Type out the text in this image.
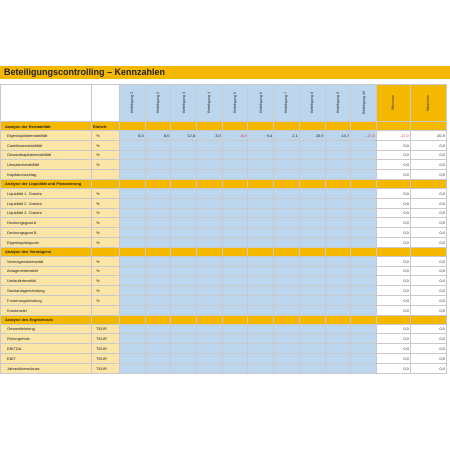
Beteiligungscontrolling – Kennzahlen
		Beteiligung 1	Beteiligung 2	Beteiligung 3	Beteiligung 4	Beteiligung 5	Beteiligung 6	Beteiligung 7	Beteiligung 8	Beteiligung 9	Beteiligung 10	Minimum	Maximum	
Analyse der Rentabilität	Einheit													
Eigenkapitalrentabilität	%	5,0	8,0	12,8	3,0	-5,0	9,4	2,1	20,9	14,7	-17,0	-17,0	20,9	
Cashflowrentabilität	%											0,0	0,0	
Gesamtkapitalrentabilität	%											0,0	0,0	
Umsatzrentabilität	%											0,0	0,0	
Kapitalumschlag												0,0	0,0	
Analyse der Liquidität und Finanzierung														
Liquidität 1. Grades	%											0,0	0,0	
Liquidität 2. Grades	%											0,0	0,0	
Liquidität 3. Grades	%											0,0	0,0	
Deckungsgrad A	%											0,0	0,0	
Deckungsgrad B	%											0,0	0,0	
Eigenkapitalquote	%											0,0	0,0	
Analyse des Vermögens														
Vermögensintensität	%											0,0	0,0	
Anlagenintensität	%											0,0	0,0	
Umlaufintensität	%											0,0	0,0	
Sachanlagenbindung	%											0,0	0,0	
Forderungsbindung	%											0,0	0,0	
Kundenziel												0,0	0,0	
Analyse des Ergebnisses														
Gesamtleistung	TEUR											0,0	0,0	
Rohergebnis	TEUR											0,0	0,0	
EBITDA	TEUR											0,0	0,0	
EBIT	TEUR											0,0	0,0	
Jahresüberschuss	TEUR											0,0	0,0	
